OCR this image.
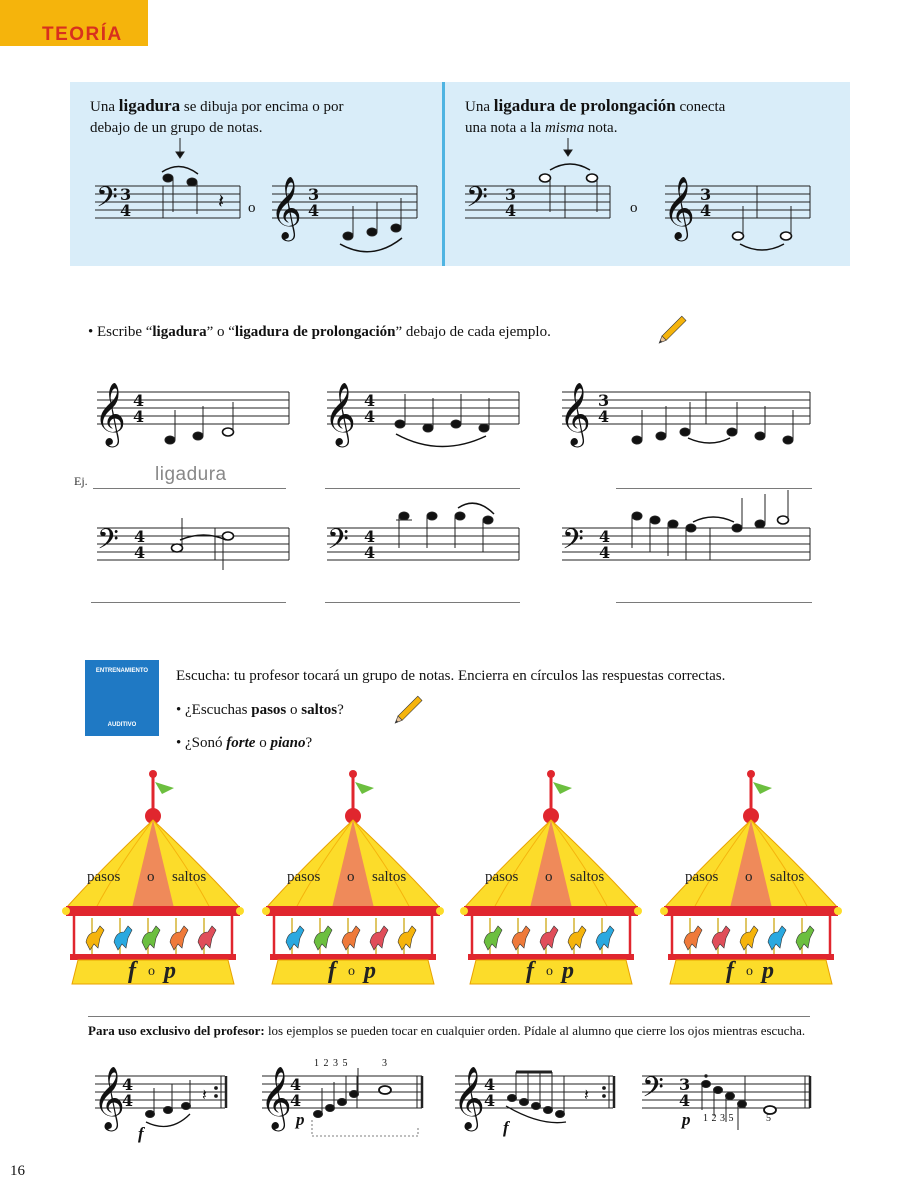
TEORÍA
Una ligadura se dibuja por encima o por
debajo de un grupo de notas.
Una ligadura de prolongación conecta
una nota a la misma nota.
o	o
𝄢 3
4	𝄽 𝄞 3
4	𝄢 3
4	𝄞 3
4
𝄞 4
4	𝄞 4
4	𝄞 3
4
𝄢 4
4	𝄢 4
4	𝄢 4
4
𝄞
4
4	𝄽 𝄞
4
4	𝄞 4
4	𝄽 𝄢 3
4
• Escribe “ligadura” o “ligadura de prolongación” debajo de cada ejemplo.
Ej.	ligadura
ENTRENAMIENTO
AUDITIVO
Escucha: tu profesor tocará un grupo de notas. Encierra en círculos las respuestas correctas.
• ¿Escuchas pasos o saltos?
• ¿Sonó forte o piano?
pasos o saltos
f o p
pasos o saltos
f o p
pasos o saltos
f o p
pasos o saltos
f o p
Para uso exclusivo del profesor: los ejemplos se pueden tocar en cualquier orden. Pídale al alumno que cierre los ojos mientras escucha.
1 2 3 5	3
1 2 3 5	5
f
p	f	p
16
